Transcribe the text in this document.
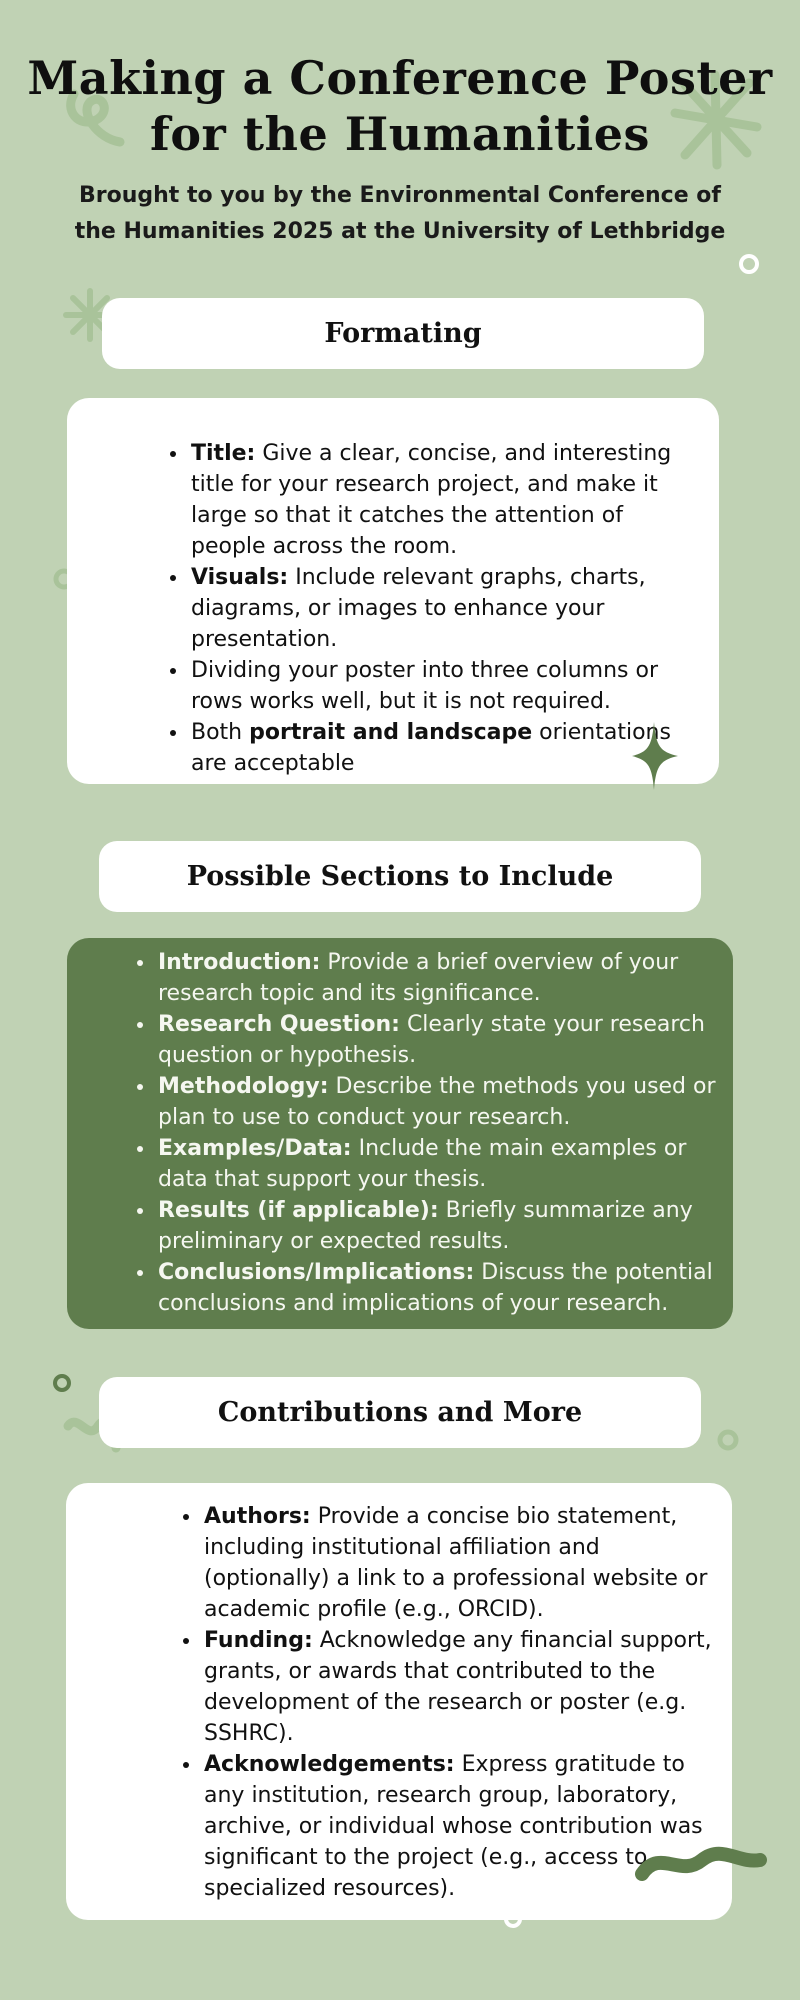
Making a Conference Poster
for the Humanities
Brought to you by the Environmental Conference of
the Humanities 2025 at the University of Lethbridge
Formating
• Title: Give a clear, concise, and interesting title for your research project, and make it large so that it catches the attention of people across the room.
• Visuals: Include relevant graphs, charts, diagrams, or images to enhance your presentation.
• Dividing your poster into three columns or rows works well, but it is not required.
• Both portrait and landscape orientations are acceptable
Possible Sections to Include
• Introduction: Provide a brief overview of your research topic and its significance.
• Research Question: Clearly state your research question or hypothesis.
• Methodology: Describe the methods you used or plan to use to conduct your research.
• Examples/Data: Include the main examples or data that support your thesis.
• Results (if applicable): Briefly summarize any preliminary or expected results.
• Conclusions/Implications: Discuss the potential conclusions and implications of your research.
Contributions and More
• Authors: Provide a concise bio statement, including institutional affiliation and (optionally) a link to a professional website or academic profile (e.g., ORCID).
• Funding: Acknowledge any financial support, grants, or awards that contributed to the development of the research or poster (e.g. SSHRC).
• Acknowledgements: Express gratitude to any institution, research group, laboratory, archive, or individual whose contribution was significant to the project (e.g., access to specialized resources).
